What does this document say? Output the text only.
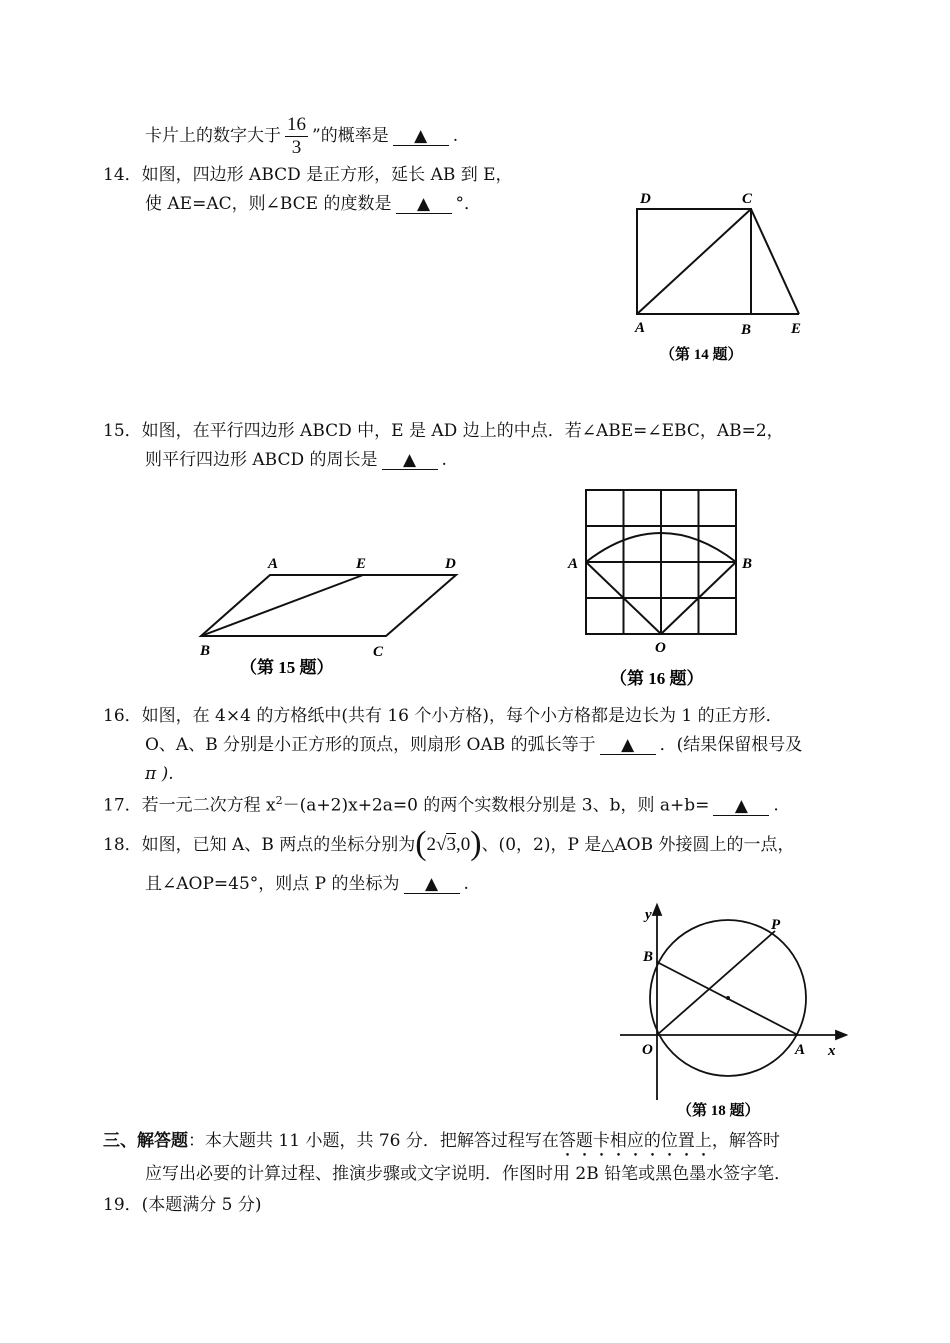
卡片上的数字大于 $\frac{16}{3}$ ”的概率是 ▲ .
14．如图，四边形 ABCD 是正方形，延长 AB 到 E，
使 AE=AC，则∠BCE 的度数是 ▲ °．	D	C
A	B	E
（第 14 题）
15．如图，在平行四边形 ABCD 中，E 是 AD 边上的中点．若∠ABE=∠EBC，AB=2，
则平行四边形 ABCD 的周长是 ▲ .
A	E	D
B	C
（第 15 题）
A	B
O
（第 16 题）
16．如图，在 4×4 的方格纸中(共有 16 个小方格)，每个小方格都是边长为 1 的正方形．
O、A、B 分别是小正方形的顶点，则扇形 OAB 的弧长等于 ▲ ．(结果保留根号及
π ).
17．若一元二次方程 $x^2-(a+2)x+2a=0$ 的两个实数根分别是 3、b，则 a+b= ▲ .
18．如图，已知 A、B 两点的坐标分别为(2√3,0)、(0，2)，P 是△AOB 外接圆上的一点，
且∠AOP=45°，则点 P 的坐标为 ▲ .
y
x
B
P
O	A
（第 18 题）
三、解答题：本大题共 11 小题，共 76 分．把解答过程写在答题卡相应的位置上，解答时
应写出必要的计算过程、推演步骤或文字说明．作图时用 2B 铅笔或黑色墨水签字笔．
19．(本题满分 5 分)
